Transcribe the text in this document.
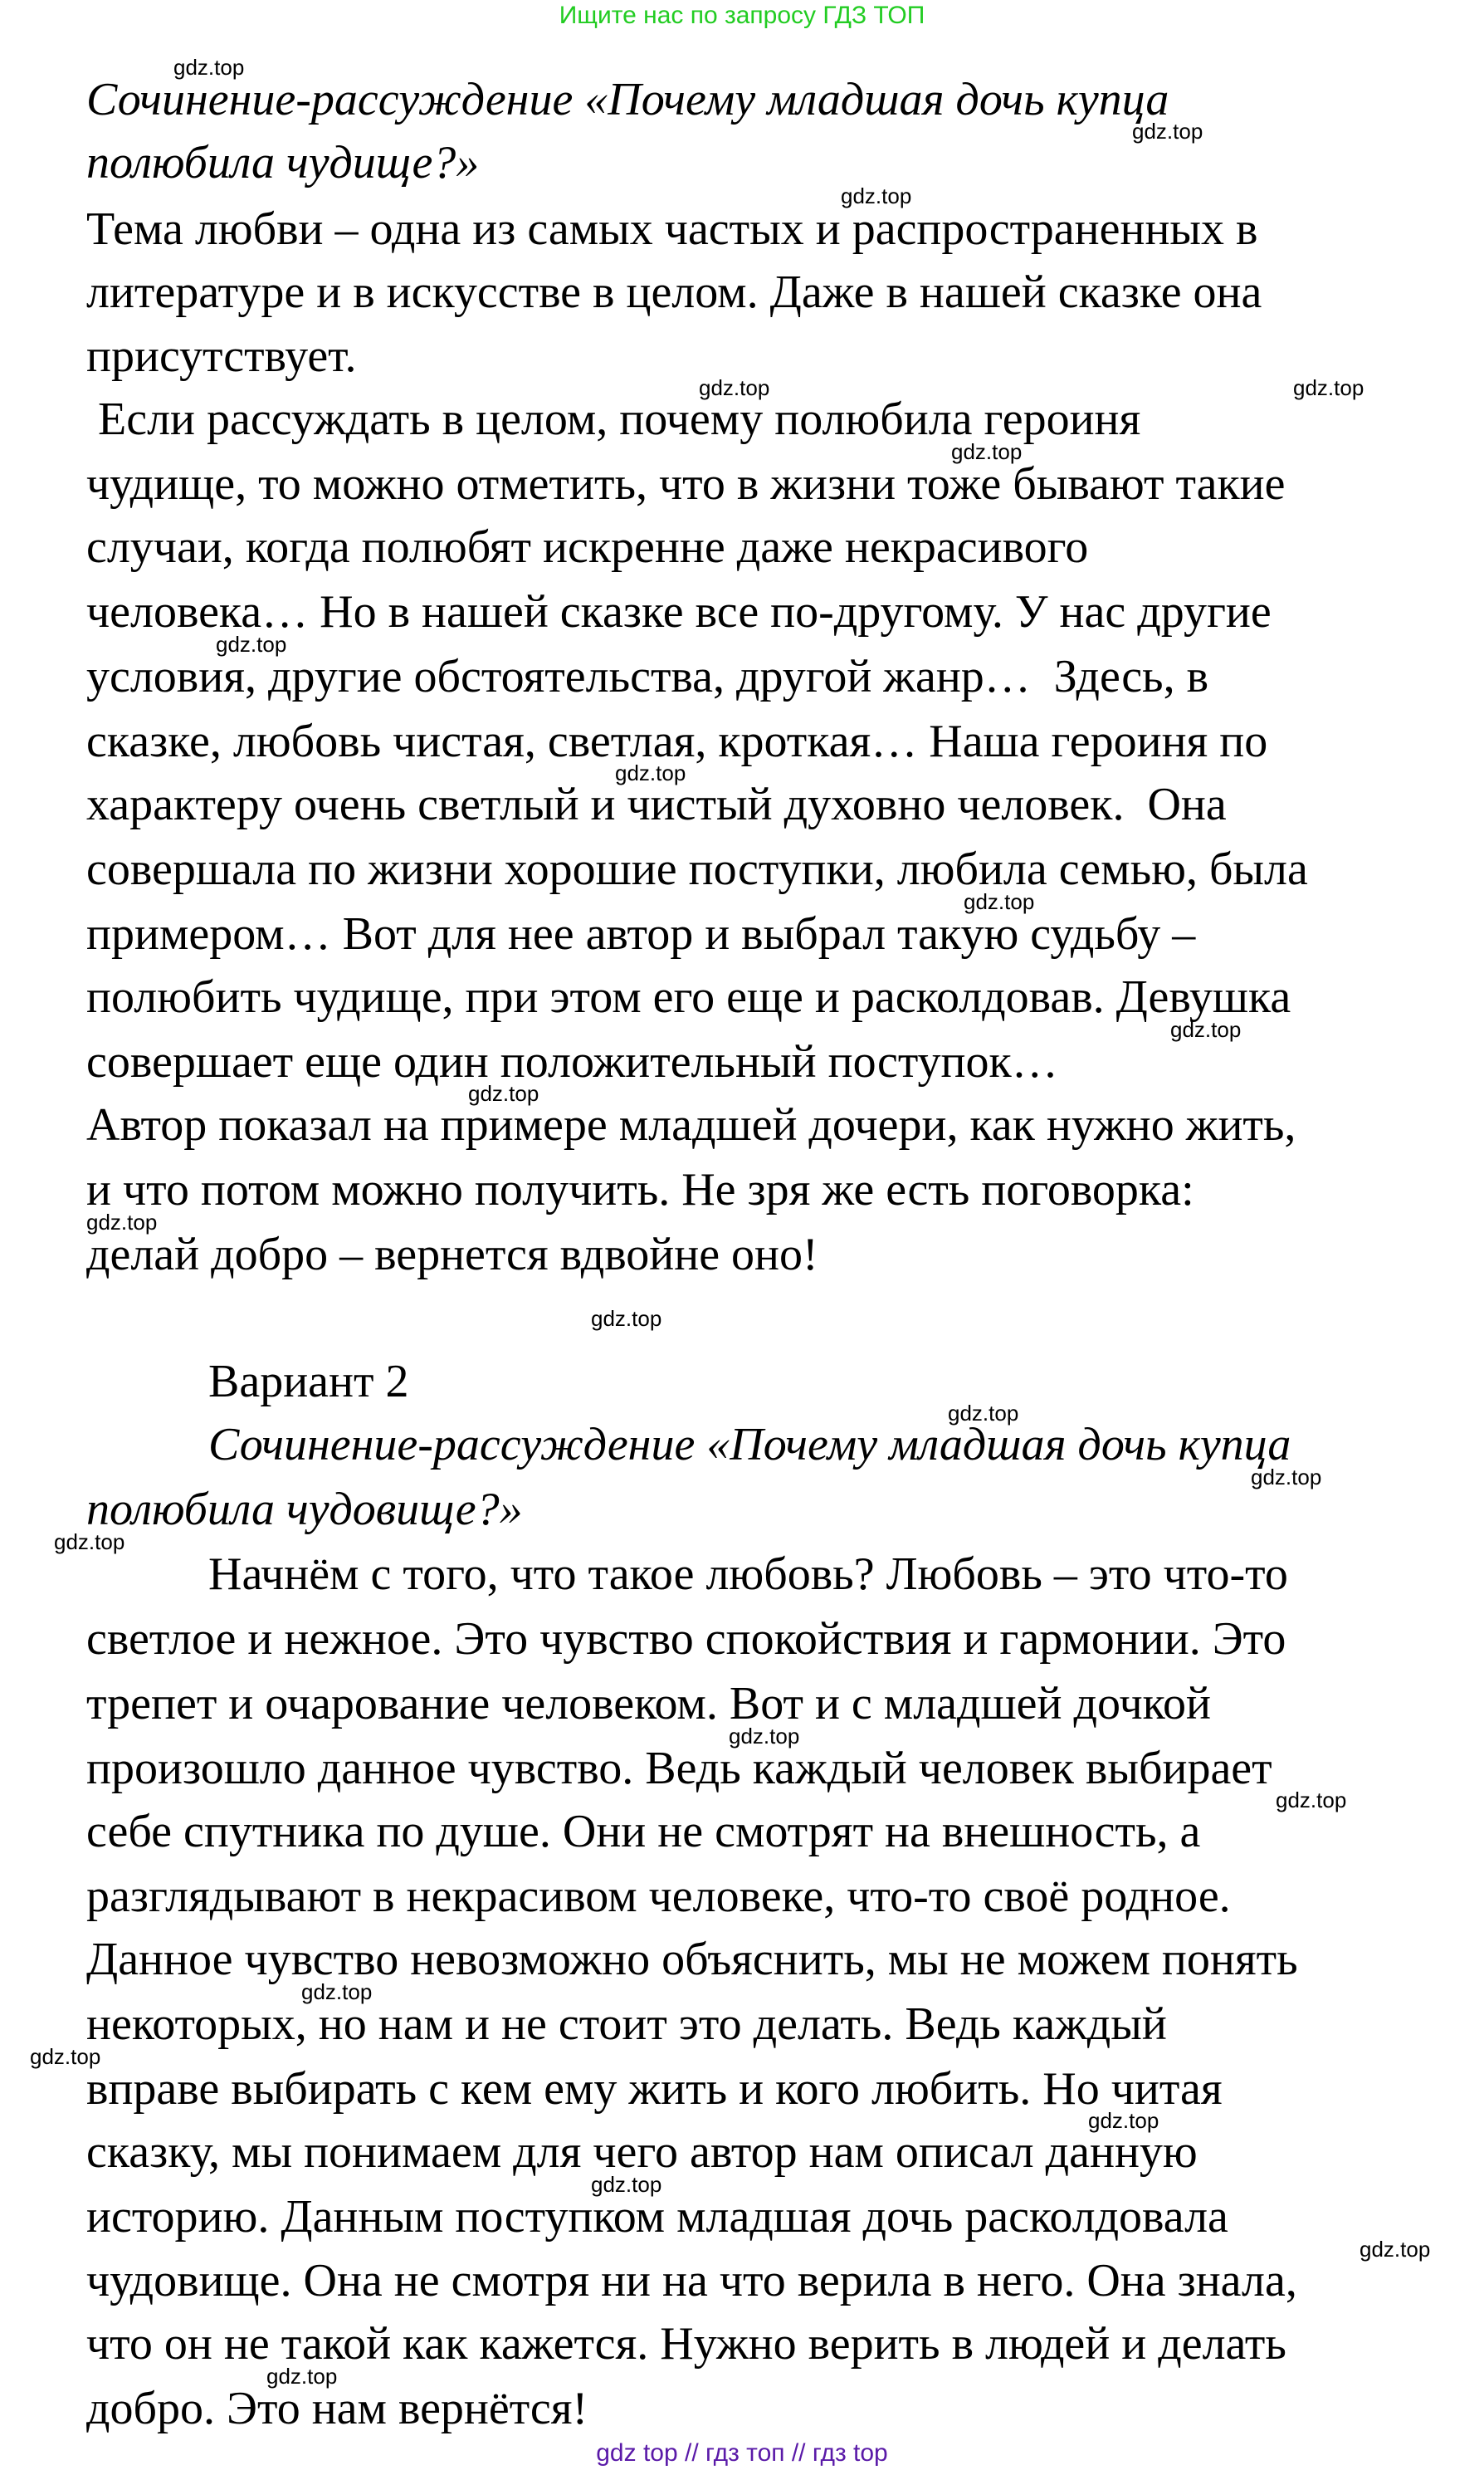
Ищите нас по запросу ГДЗ ТОП
Сочинение-рассуждение «Почему младшая дочь купца
полюбила чудище?»
Тема любви – одна из самых частых и распространенных в
литературе и в искусстве в целом. Даже в нашей сказке она
присутствует.
Если рассуждать в целом, почему полюбила героиня
чудище, то можно отметить, что в жизни тоже бывают такие
случаи, когда полюбят искренне даже некрасивого
человека… Но в нашей сказке все по-другому. У нас другие
условия, другие обстоятельства, другой жанр…  Здесь, в
сказке, любовь чистая, светлая, кроткая… Наша героиня по
характеру очень светлый и чистый духовно человек.  Она
совершала по жизни хорошие поступки, любила семью, была
примером… Вот для нее автор и выбрал такую судьбу –
полюбить чудище, при этом его еще и расколдовав. Девушка
совершает еще один положительный поступок…
Автор показал на примере младшей дочери, как нужно жить,
и что потом можно получить. Не зря же есть поговорка:
делай добро – вернется вдвойне оно!
Вариант 2
Сочинение-рассуждение «Почему младшая дочь купца
полюбила чудовище?»
Начнём с того, что такое любовь? Любовь – это что-то
светлое и нежное. Это чувство спокойствия и гармонии. Это
трепет и очарование человеком. Вот и с младшей дочкой
произошло данное чувство. Ведь каждый человек выбирает
себе спутника по душе. Они не смотрят на внешность, а
разглядывают в некрасивом человеке, что-то своё родное.
Данное чувство невозможно объяснить, мы не можем понять
некоторых, но нам и не стоит это делать. Ведь каждый
вправе выбирать с кем ему жить и кого любить. Но читая
сказку, мы понимаем для чего автор нам описал данную
историю. Данным поступком младшая дочь расколдовала
чудовище. Она не смотря ни на что верила в него. Она знала,
что он не такой как кажется. Нужно верить в людей и делать
добро. Это нам вернётся!
gdz.top
gdz.top
gdz.top
gdz.top	gdz.top
gdz.top
gdz.top
gdz.top
gdz.top
gdz.top
gdz.top
gdz.top
gdz.top
gdz.top
gdz.top
gdz.top
gdz.top
gdz.top
gdz.top
gdz.top
gdz.top
gdz.top
gdz.top
gdz.top
gdz top // гдз топ // гдз top
